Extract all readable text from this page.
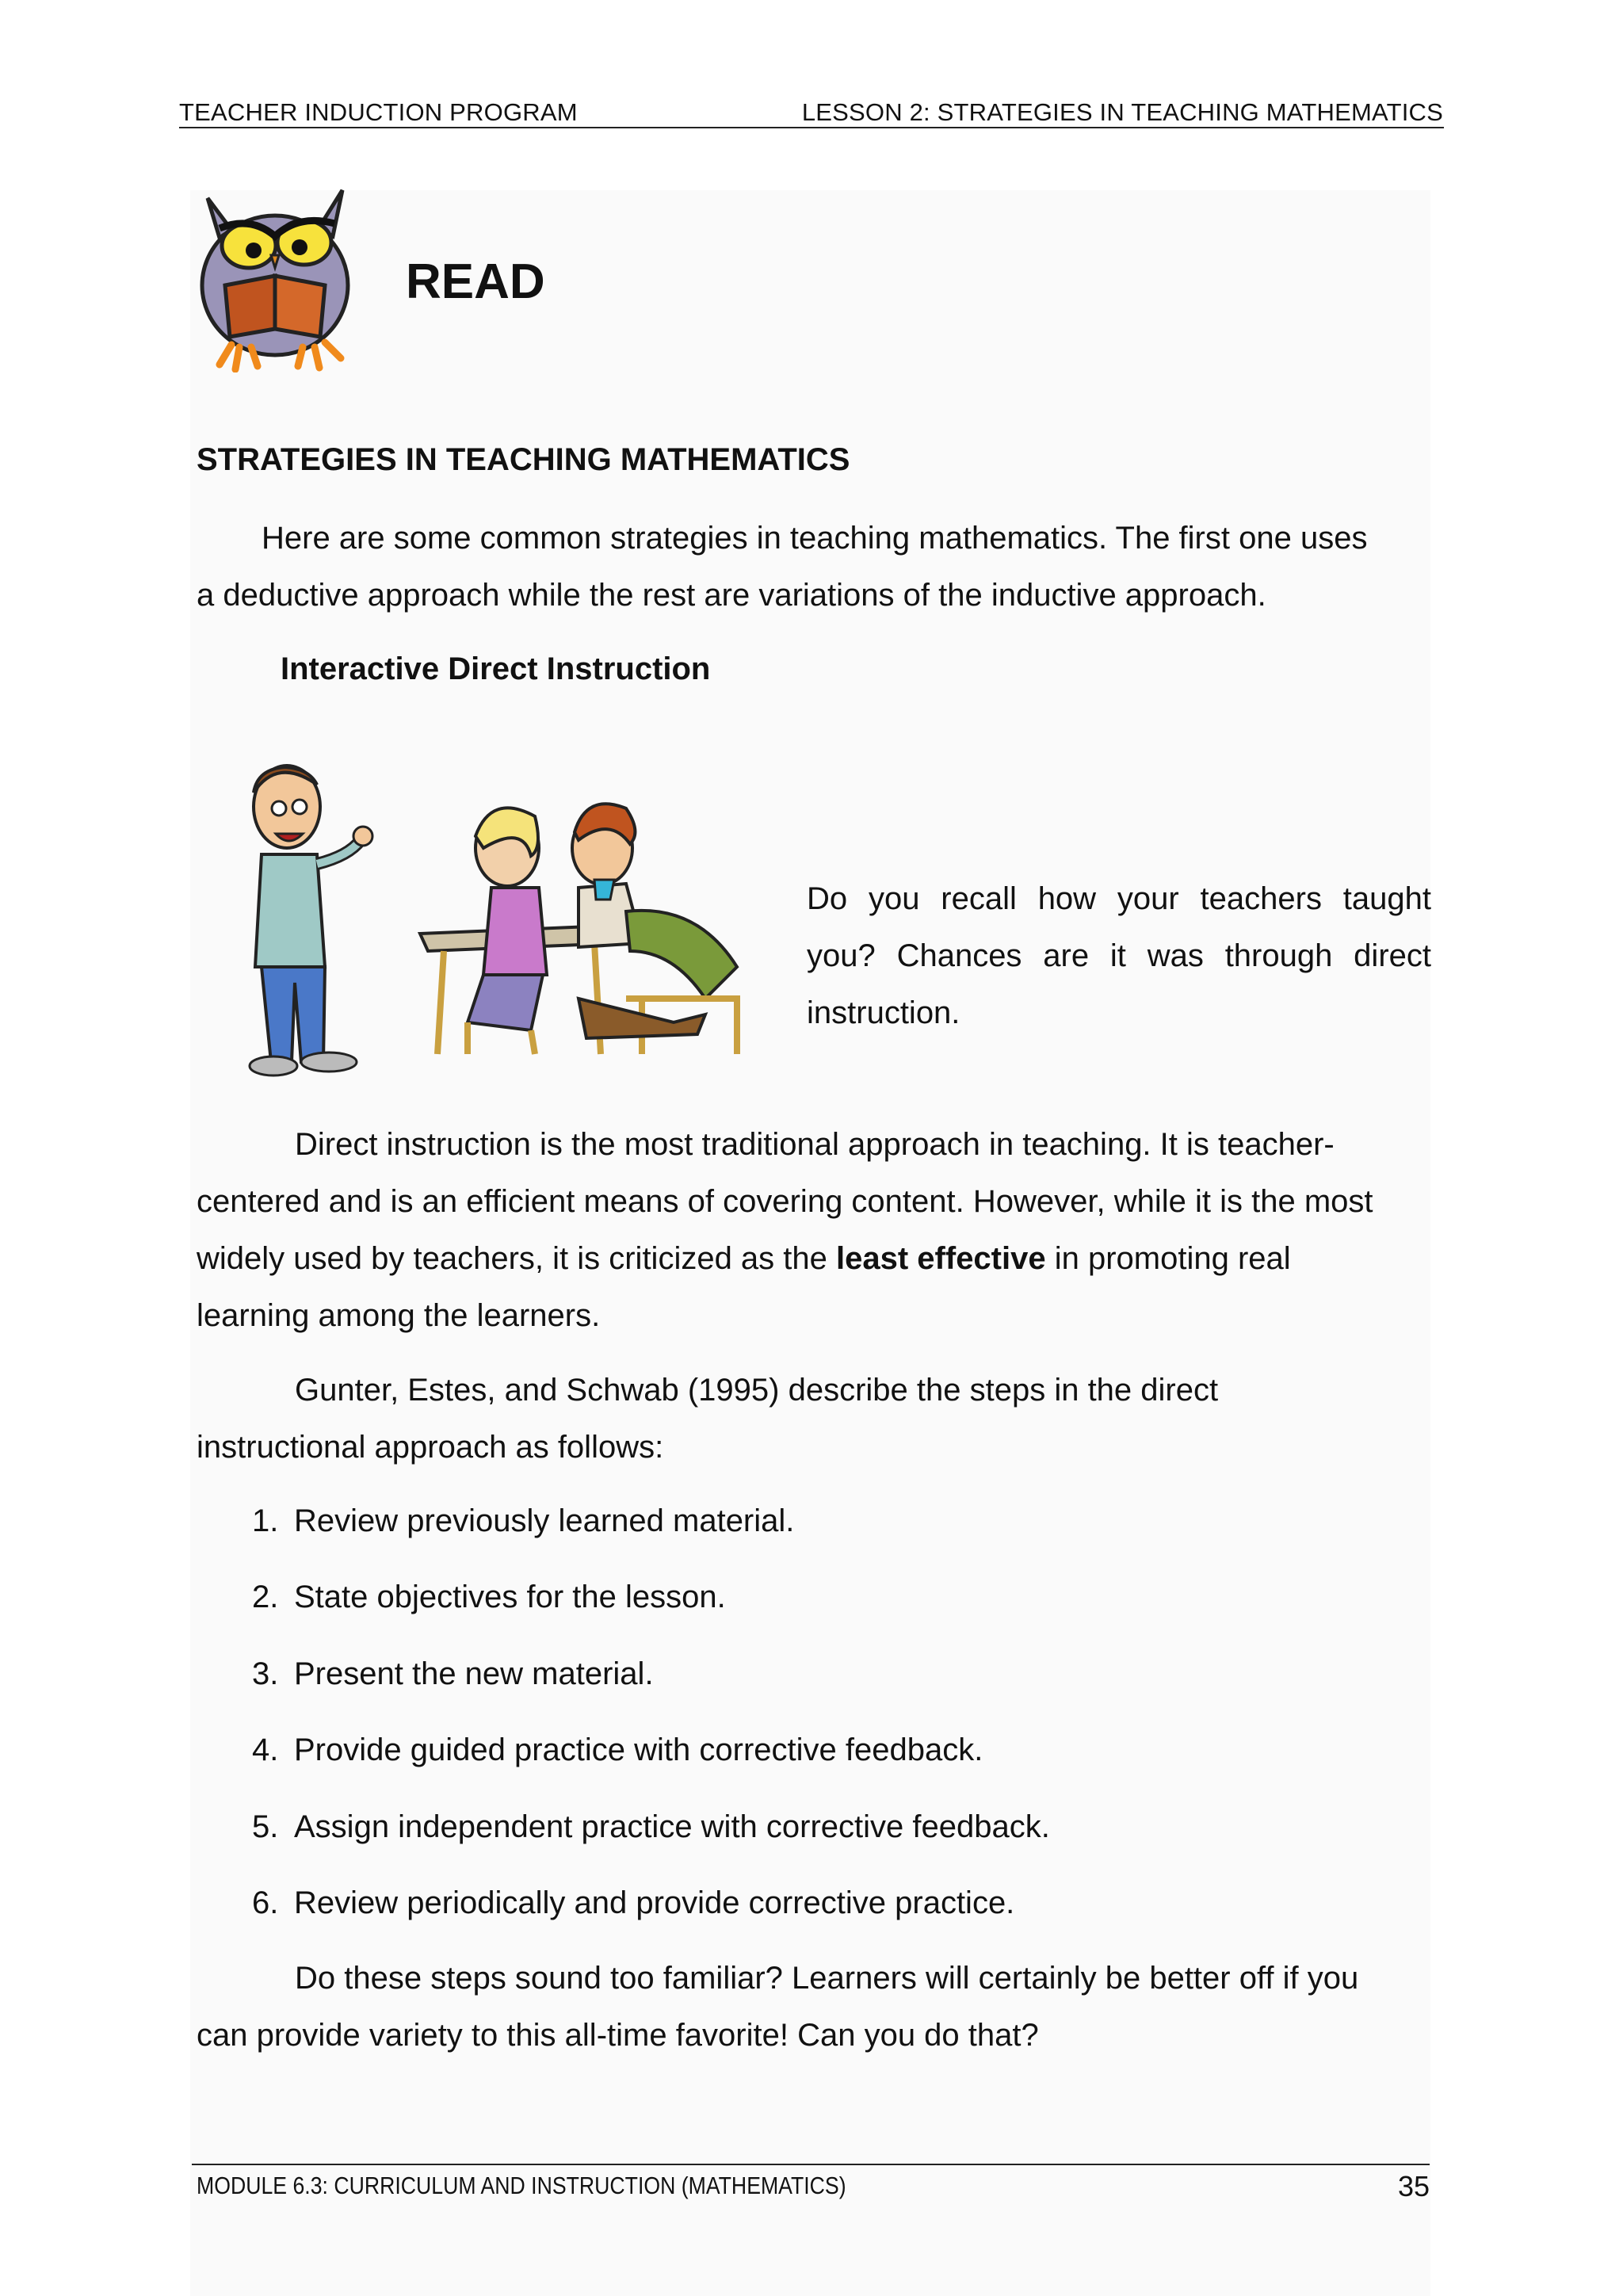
TEACHER INDUCTION PROGRAM	LESSON 2: STRATEGIES IN TEACHING MATHEMATICS
READ
STRATEGIES IN TEACHING MATHEMATICS
Here are some common strategies in teaching mathematics. The first one uses
a deductive approach while the rest are variations of the inductive approach.
Interactive Direct Instruction
Do you recall how your teachers taught you? Chances are it was through direct instruction.
Direct instruction is the most traditional approach in teaching. It is teacher-
centered and is an efficient means of covering content. However, while it is the most
widely used by teachers, it is criticized as the least effective in promoting real
learning among the learners.
Gunter, Estes, and Schwab (1995) describe the steps in the direct
instructional approach as follows:
1. Review previously learned material.
2. State objectives for the lesson.
3. Present the new material.
4. Provide guided practice with corrective feedback.
5. Assign independent practice with corrective feedback.
6. Review periodically and provide corrective practice.
Do these steps sound too familiar? Learners will certainly be better off if you
can provide variety to this all-time favorite! Can you do that?
MODULE 6.3: CURRICULUM AND INSTRUCTION (MATHEMATICS)	35
